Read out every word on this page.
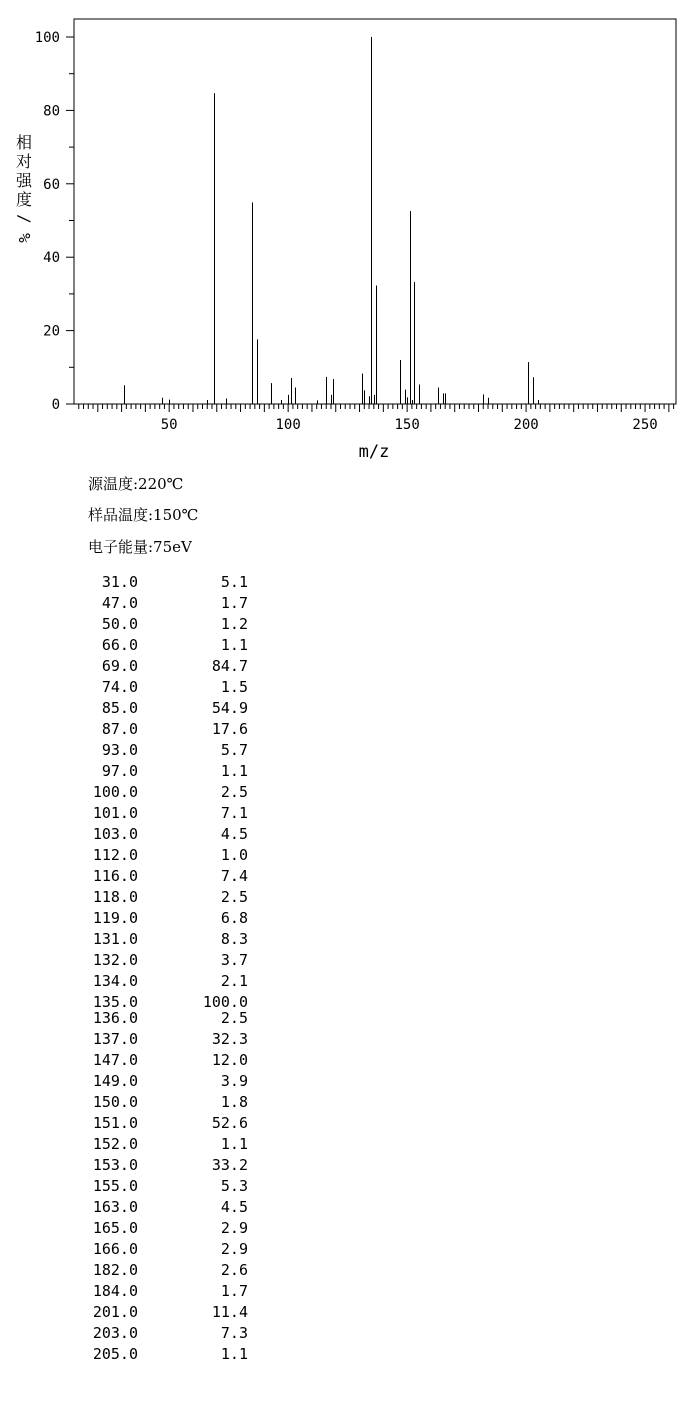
50	100	150	200	250
0
20
40
60
80
100
m/z
相
对
强
度
/
%
源温度:220℃
样品温度:150℃
电子能量:75eV
31.0	5.1
47.0	1.7
50.0	1.2
66.0	1.1
69.0	84.7
74.0	1.5
85.0	54.9
87.0	17.6
93.0	5.7
97.0	1.1
100.0	2.5
101.0	7.1
103.0	4.5
112.0	1.0
116.0	7.4
118.0	2.5
119.0	6.8
131.0	8.3
132.0	3.7
134.0	2.1
135.0	100.0
136.0	2.5
137.0	32.3
147.0	12.0
149.0	3.9
150.0	1.8
151.0	52.6
152.0	1.1
153.0	33.2
155.0	5.3
163.0	4.5
165.0	2.9
166.0	2.9
182.0	2.6
184.0	1.7
201.0	11.4
203.0	7.3
205.0	1.1
